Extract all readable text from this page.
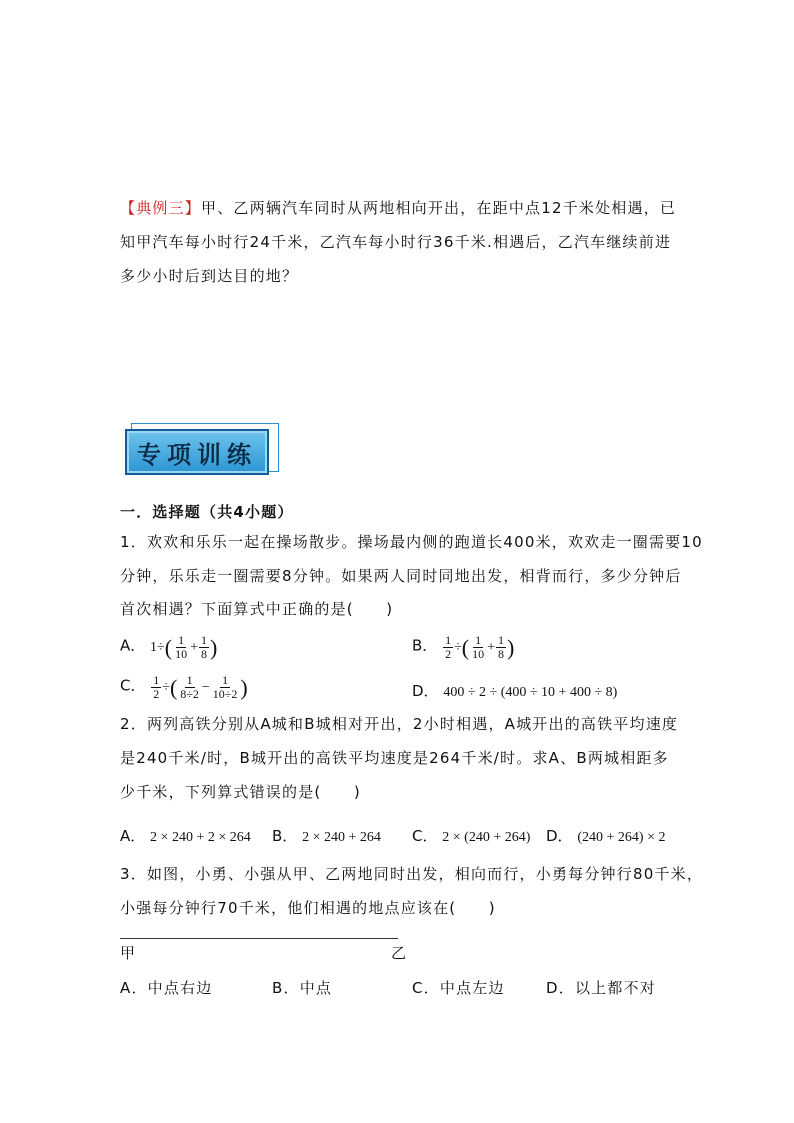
【典例三】甲、乙两辆汽车同时从两地相向开出，在距中点12千米处相遇，已
知甲汽车每小时行24千米，乙汽车每小时行36千米.相遇后，乙汽车继续前进
多少小时后到达目的地？
专项训练
一．选择题（共4小题）
1．欢欢和乐乐一起在操场散步。操场最内侧的跑道长400米，欢欢走一圈需要10
分钟，乐乐走一圈需要8分钟。如果两人同时同地出发，相背而行，多少分钟后
首次相遇？下面算式中正确的是(　　)
A． $1\div( \frac{1}{10} + \frac{1}{8}$ )	B． $\frac{1}{2}$ ÷( $\frac{1}{10} + \frac{1}{8}$ )
C． $\frac{1}{2}$ ÷( $\frac{1}{8\div 2} - \frac{1}{10\div 2}$ )	D． 400 ÷ 2 ÷ (400 ÷ 10 + 400 ÷ 8)
2．两列高铁分别从A城和B城相对开出，2小时相遇，A城开出的高铁平均速度
是240千米/时，B城开出的高铁平均速度是264千米/时。求A、B两城相距多
少千米，下列算式错误的是(　　)
A． 2 × 240 + 2 × 264 B． 2 × 240 + 264 C． 2 × (240 + 264) D． (240 + 264) × 2
3．如图，小勇、小强从甲、乙两地同时出发，相向而行，小勇每分钟行80千米，
小强每分钟行70千米，他们相遇的地点应该在(　　)
甲	乙
A．中点右边	B．中点	C．中点左边	D．以上都不对
